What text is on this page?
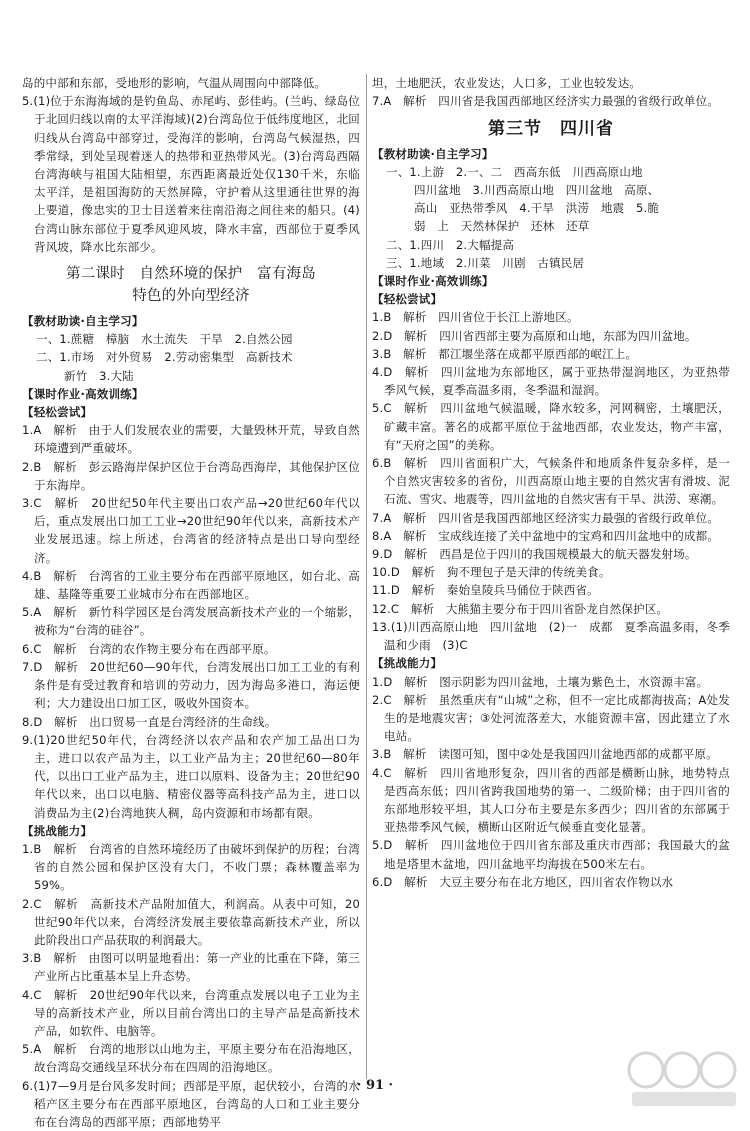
岛的中部和东部，受地形的影响，气温从周围向中部降低。

5.(1)位于东海海域的是钓鱼岛、赤尾屿、彭佳屿。(兰屿、绿岛位于北回归线以南的太平洋海域)(2)台湾岛位于低纬度地区，北回归线从台湾岛中部穿过，受海洋的影响，台湾岛气候湿热，四季常绿，到处呈现着迷人的热带和亚热带风光。(3)台湾岛西隔台湾海峡与祖国大陆相望，东西距离最近处仅130千米，东临太平洋，是祖国海防的天然屏障，守护着从这里通往世界的海上要道，像忠实的卫士目送着来往南沿海之间往来的船只。(4)台湾山脉东部位于夏季风迎风坡，降水丰富，西部位于夏季风背风坡，降水比东部少。

第二课时　自然环境的保护　富有海岛
特色的外向型经济

【教材助读·自主学习】

一、1.蔗糖　樟脑　水土流失　干旱　2.自然公园

二、1.市场　对外贸易　2.劳动密集型　高新技术

新竹　3.大陆

【课时作业·高效训练】

【轻松尝试】

1.A　解析　由于人们发展农业的需要，大量毁林开荒，导致自然环境遭到严重破坏。

2.B　解析　彭云路海岸保护区位于台湾岛西海岸，其他保护区位于东海岸。

3.C　解析　20世纪50年代主要出口农产品→20世纪60年代以后，重点发展出口加工工业→20世纪90年代以来，高新技术产业发展迅速。综上所述，台湾省的经济特点是出口导向型经济。

4.B　解析　台湾省的工业主要分布在西部平原地区，如台北、高雄、基隆等重要工业城市分布在西部地区。

5.A　解析　新竹科学园区是台湾发展高新技术产业的一个缩影，被称为“台湾的硅谷”。

6.C　解析　台湾的农作物主要分布在西部平原。

7.D　解析　20世纪60—90年代，台湾发展出口加工工业的有利条件是有受过教育和培训的劳动力，因为海岛多港口，海运便利；大力建设出口加工区，吸收外国资本。

8.D　解析　出口贸易一直是台湾经济的生命线。

9.(1)20世纪50年代，台湾经济以农产品和农产加工品出口为主，进口以农产品为主，以工业产品为主；20世纪60—80年代，以出口工业产品为主，进口以原料、设备为主；20世纪90年代以来，出口以电脑、精密仪器等高科技产品为主，进口以消费品为主(2)台湾地狭人稠，岛内资源和市场都有限。

【挑战能力】

1.B　解析　台湾省的自然环境经历了由破坏到保护的历程；台湾省的自然公园和保护区没有大门，不收门票；森林覆盖率为59%。

2.C　解析　高新技术产品附加值大，利润高。从表中可知，20世纪90年代以来，台湾经济发展主要依靠高新技术产业，所以此阶段出口产品获取的利润最大。

3.B　解析　由图可以明显地看出：第一产业的比重在下降，第三产业所占比重基本呈上升态势。

4.C　解析　20世纪90年代以来，台湾重点发展以电子工业为主导的高新技术产业，所以目前台湾出口的主导产品是高新技术产品，如软件、电脑等。

5.A　解析　台湾的地形以山地为主，平原主要分布在沿海地区，故台湾岛交通线呈环状分布在四周的沿海地区。

6.(1)7—9月是台风多发时间；西部是平原，起伏较小，台湾的水稻产区主要分布在西部平原地区，台湾岛的人口和工业主要分布在台湾岛的西部平原；西部地势平

坦，土地肥沃，农业发达，人口多，工业也较发达。

7.A　解析　四川省是我国西部地区经济实力最强的省级行政单位。

第三节　四川省

【教材助读·自主学习】

一、1.上游　2.一、二　西高东低　川西高原山地

四川盆地　3.川西高原山地　四川盆地　高原、

高山　亚热带季风　4.干旱　洪涝　地震　5.脆

弱　上　天然林保护　还林　还草

二、1.四川　2.大幅提高

三、1.地域　2.川菜　川剧　古镇民居

【课时作业·高效训练】

【轻松尝试】

1.B　解析　四川省位于长江上游地区。

2.D　解析　四川省西部主要为高原和山地，东部为四川盆地。

3.B　解析　都江堰坐落在成都平原西部的岷江上。

4.D　解析　四川盆地为东部地区，属于亚热带湿润地区，为亚热带季风气候，夏季高温多雨，冬季温和湿润。

5.C　解析　四川盆地气候温暖，降水较多，河网稠密，土壤肥沃，矿藏丰富。著名的成都平原位于盆地西部，农业发达，物产丰富，有“天府之国”的美称。

6.B　解析　四川省面积广大，气候条件和地质条件复杂多样，是一个自然灾害较多的省份，川西高原山地主要的自然灾害有滑坡、泥石流、雪灾、地震等，四川盆地的自然灾害有干旱、洪涝、寒潮。

7.A　解析　四川省是我国西部地区经济实力最强的省级行政单位。

8.A　解析　宝成线连接了关中盆地中的宝鸡和四川盆地中的成都。

9.D　解析　西昌是位于四川的我国规模最大的航天器发射场。

10.D　解析　狗不理包子是天津的传统美食。

11.D　解析　秦始皇陵兵马俑位于陕西省。

12.C　解析　大熊猫主要分布于四川省卧龙自然保护区。

13.(1)川西高原山地　四川盆地　(2)一　成都　夏季高温多雨，冬季温和少雨　(3)C

【挑战能力】

1.D　解析　图示阴影为四川盆地，土壤为紫色土，水资源丰富。

2.C　解析　虽然重庆有“山城”之称，但不一定比成都海拔高；A处发生的是地震灾害；③处河流落差大，水能资源丰富，因此建立了水电站。

3.B　解析　读图可知，图中②处是我国四川盆地西部的成都平原。

4.C　解析　四川省地形复杂，四川省的西部是横断山脉，地势特点是西高东低；四川省跨我国地势的第一、二级阶梯；由于四川省的东部地形较平坦，其人口分布主要是东多西少；四川省的东部属于亚热带季风气候，横断山区附近气候垂直变化显著。

5.D　解析　四川盆地位于四川省东部及重庆市西部；我国最大的盆地是塔里木盆地，四川盆地平均海拔在500米左右。

6.D　解析　大豆主要分布在北方地区，四川省农作物以水

· 91 ·
